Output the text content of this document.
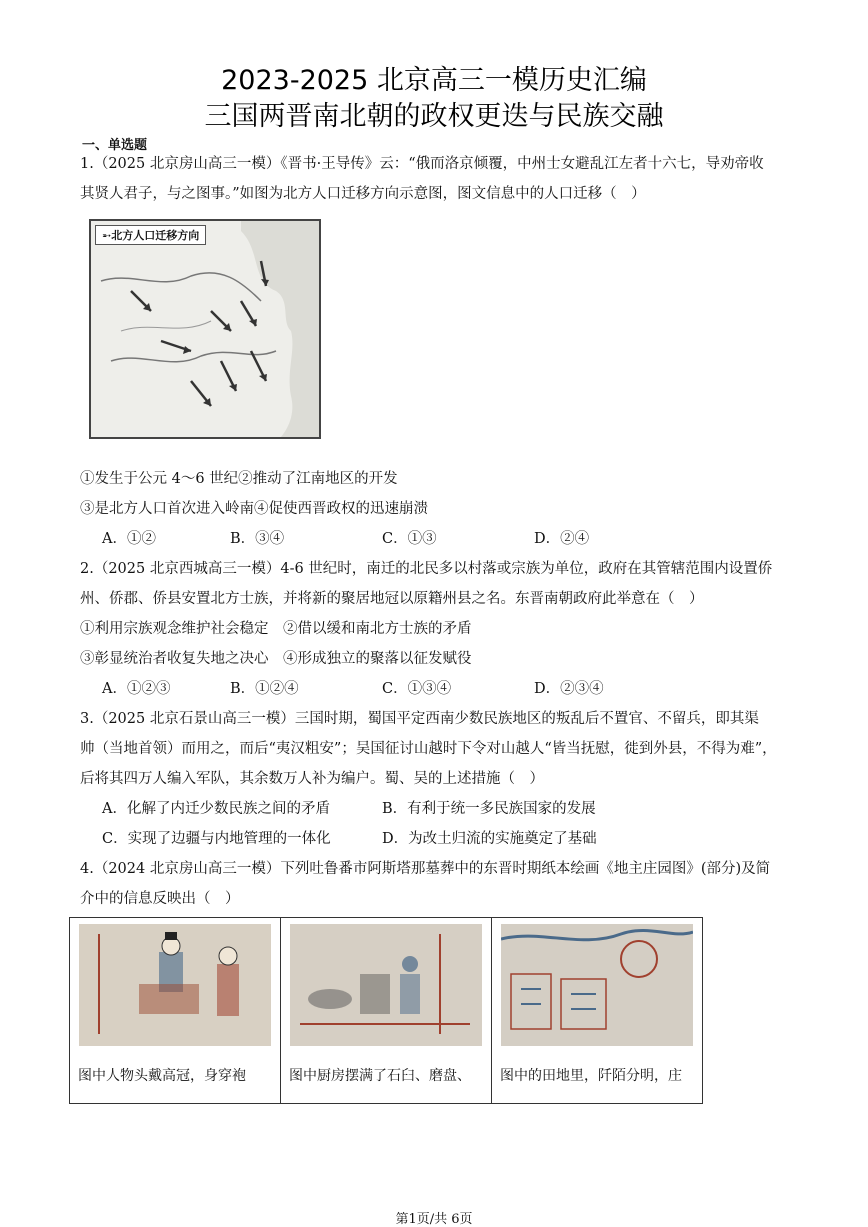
2023-2025 北京高三一模历史汇编
三国两晋南北朝的政权更迭与民族交融
一、单选题
1.（2025 北京房山高三一模）《晋书·王导传》云：“俄而洛京倾覆，中州士女避乱江左者十六七，导劝帝收
其贤人君子，与之图事。”如图为北方人口迁移方向示意图，图文信息中的人口迁移（　）
➵北方人口迁移方向
①发生于公元 4～6 世纪②推动了江南地区的开发
③是北方人口首次进入岭南④促使西晋政权的迅速崩溃
A．①②	B．③④	C．①③	D．②④
2.（2025 北京西城高三一模）4-6 世纪时，南迁的北民多以村落或宗族为单位，政府在其管辖范围内设置侨
州、侨郡、侨县安置北方士族，并将新的聚居地冠以原籍州县之名。东晋南朝政府此举意在（　）
①利用宗族观念维护社会稳定　②借以缓和南北方士族的矛盾
③彰显统治者收复失地之决心　④形成独立的聚落以征发赋役
A．①②③	B．①②④	C．①③④	D．②③④
3.（2025 北京石景山高三一模）三国时期，蜀国平定西南少数民族地区的叛乱后不置官、不留兵，即其渠
帅（当地首领）而用之，而后“夷汉粗安”；吴国征讨山越时下令对山越人“皆当抚慰，徙到外县，不得为难”，
后将其四万人编入军队，其余数万人补为编户。蜀、吴的上述措施（　）
A．化解了内迁少数民族之间的矛盾	B．有利于统一多民族国家的发展
C．实现了边疆与内地管理的一体化	D．为改土归流的实施奠定了基础
4.（2024 北京房山高三一模）下列吐鲁番市阿斯塔那墓葬中的东晋时期纸本绘画《地主庄园图》(部分)及简
介中的信息反映出（　）
图中人物头戴高冠，身穿袍	图中厨房摆满了石臼、磨盘、	图中的田地里，阡陌分明，庄
第1页/共 6页
